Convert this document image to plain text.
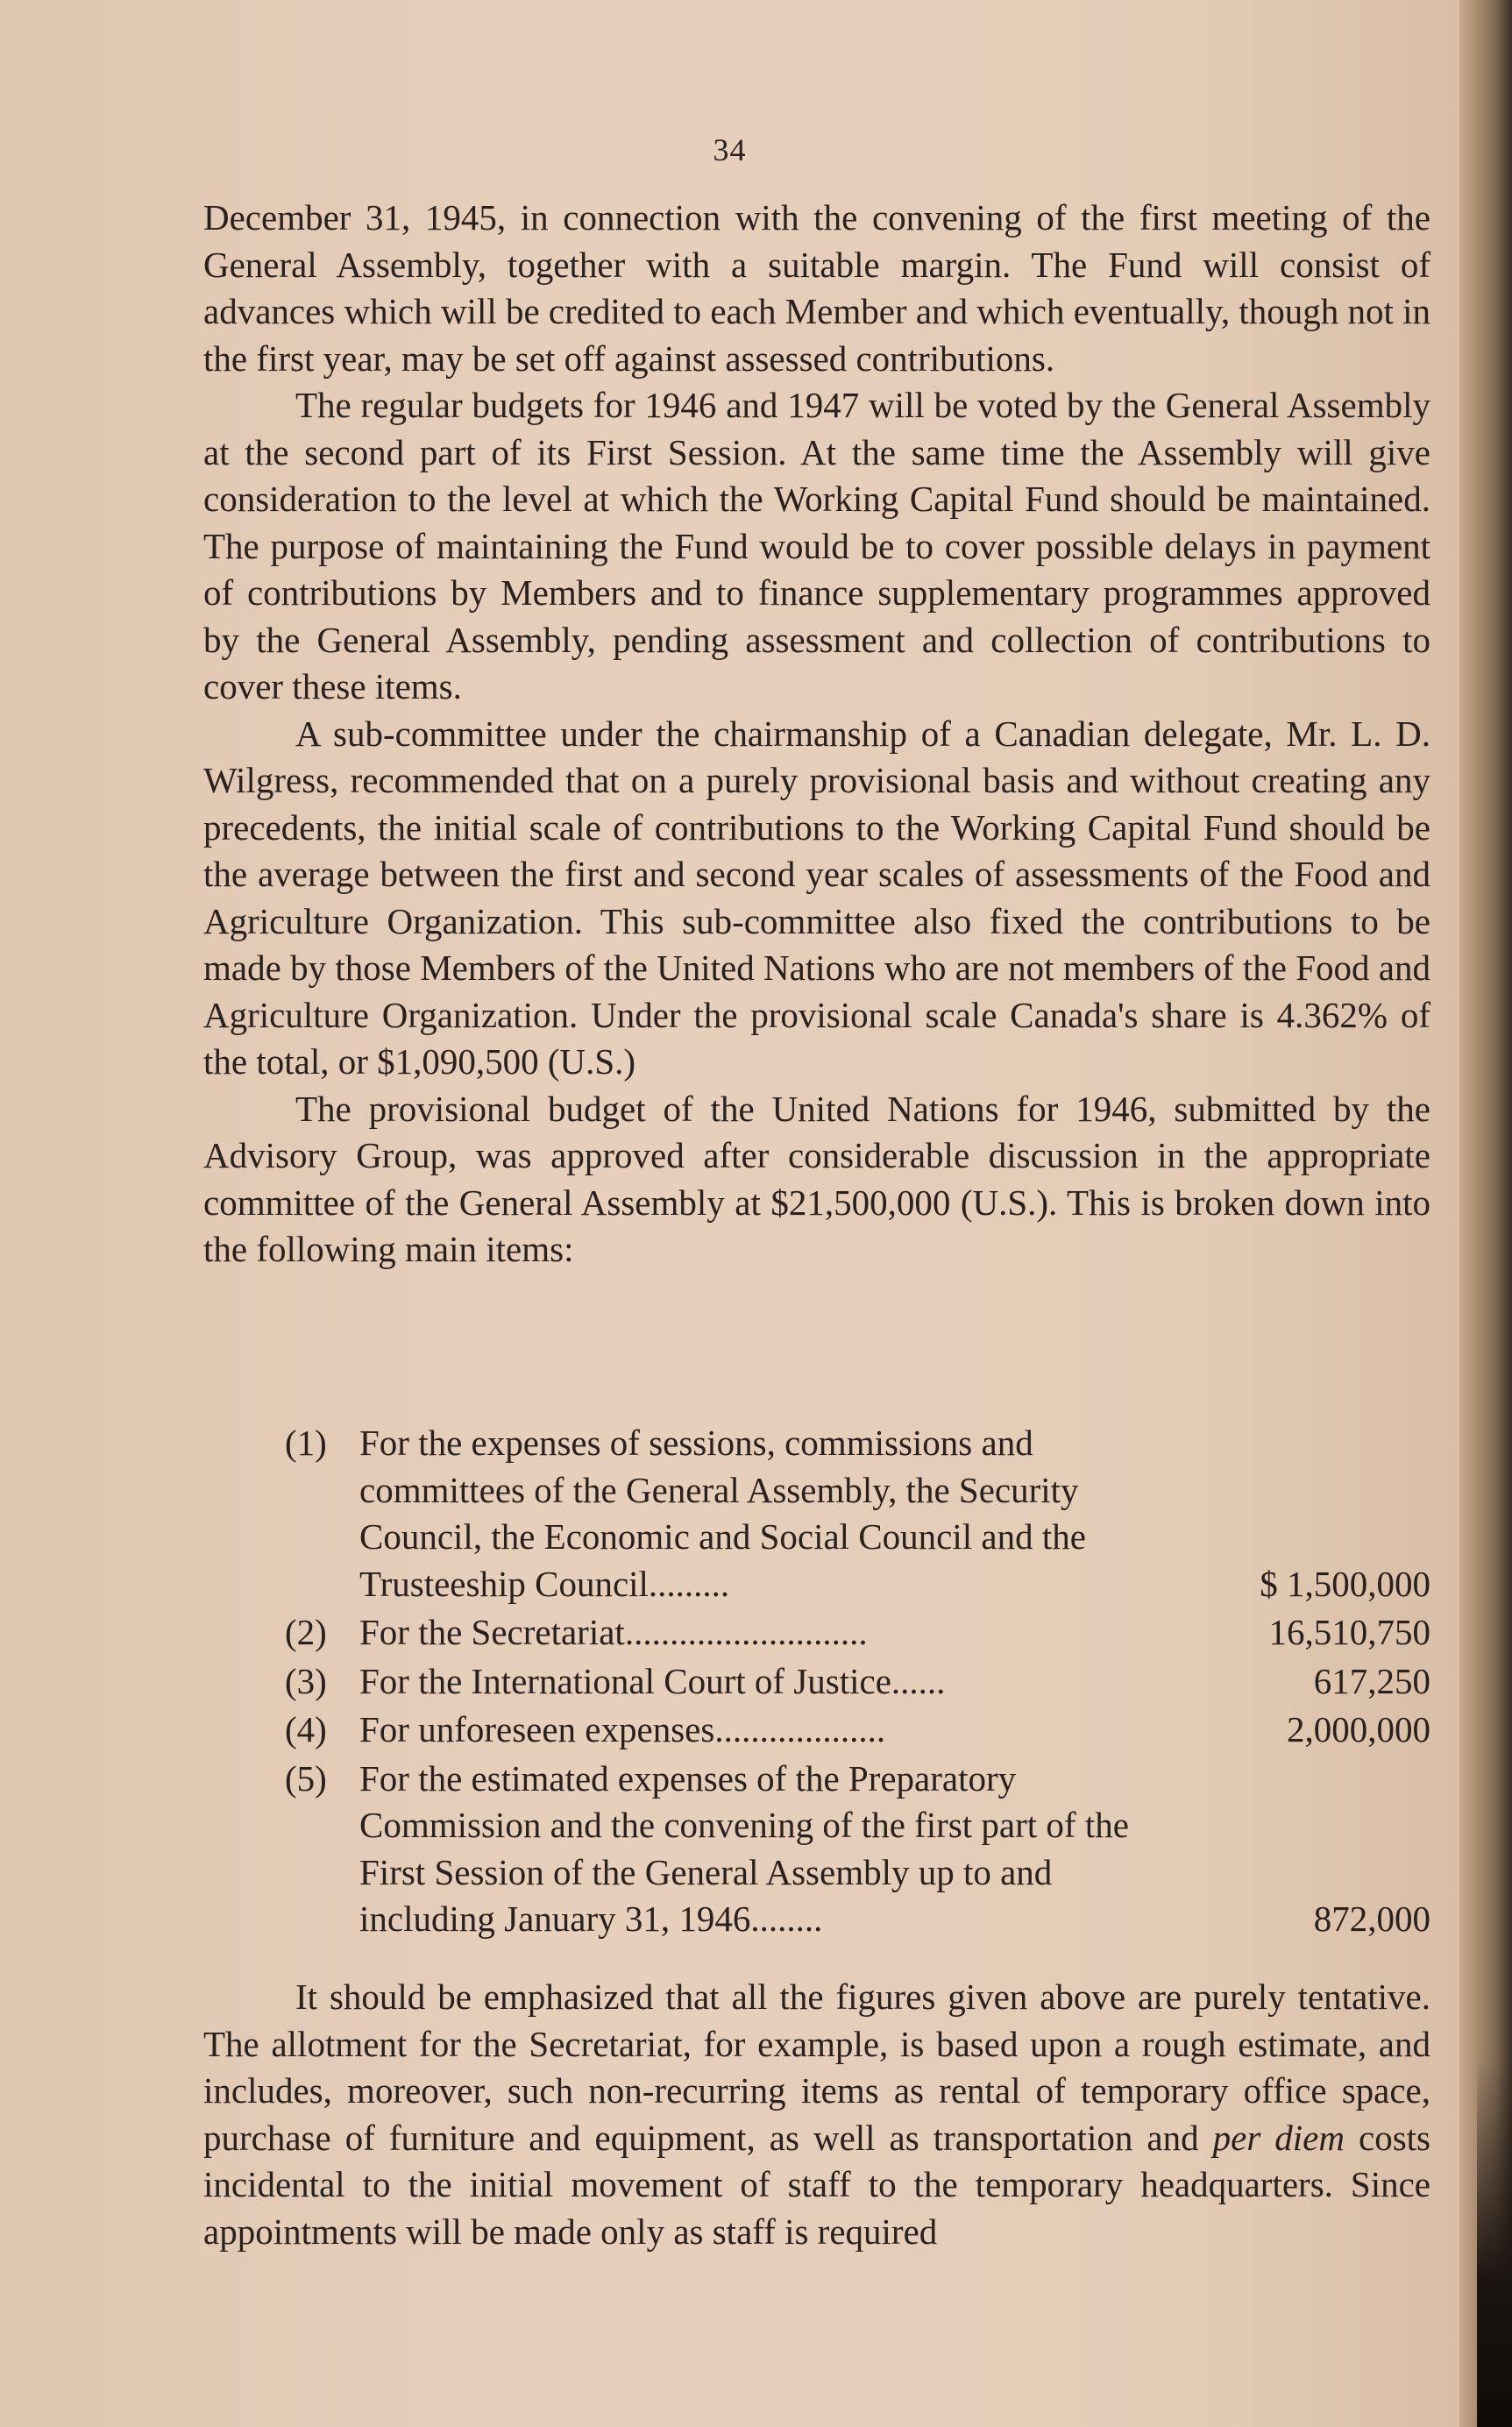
34

December 31, 1945, in connection with the convening of the first meeting of the General Assembly, together with a suitable margin. The Fund will consist of advances which will be credited to each Member and which eventually, though not in the first year, may be set off against assessed contributions.

The regular budgets for 1946 and 1947 will be voted by the General Assembly at the second part of its First Session. At the same time the Assembly will give consideration to the level at which the Working Capital Fund should be maintained. The purpose of maintaining the Fund would be to cover possible delays in payment of contributions by Members and to finance supplementary programmes approved by the General Assembly, pending assessment and collection of contributions to cover these items.

A sub-committee under the chairmanship of a Canadian delegate, Mr. L. D. Wilgress, recommended that on a purely provisional basis and without creating any precedents, the initial scale of contributions to the Working Capital Fund should be the average between the first and second year scales of assessments of the Food and Agriculture Organization. This sub-committee also fixed the contributions to be made by those Members of the United Nations who are not members of the Food and Agriculture Organization. Under the provisional scale Canada's share is 4.362% of the total, or $1,090,500 (U.S.)

The provisional budget of the United Nations for 1946, submitted by the Advisory Group, was approved after considerable discussion in the appropriate committee of the General Assembly at $21,500,000 (U.S.). This is broken down into the following main items:

(1) For the expenses of sessions, commissions and committees of the General Assembly, the Security Council, the Economic and Social Council and the Trusteeship Council.........	$ 1,500,000
(2) For the Secretariat...........................	16,510,750
(3) For the International Court of Justice......	617,250
(4) For unforeseen expenses...................	2,000,000
(5) For the estimated expenses of the Preparatory Commission and the convening of the first part of the First Session of the General Assembly up to and including January 31, 1946........	872,000

It should be emphasized that all the figures given above are purely tentative. The allotment for the Secretariat, for example, is based upon a rough estimate, and includes, moreover, such non-recurring items as rental of temporary office space, purchase of furniture and equipment, as well as transportation and per diem costs incidental to the initial movement of staff to the temporary headquarters. Since appointments will be made only as staff is required
